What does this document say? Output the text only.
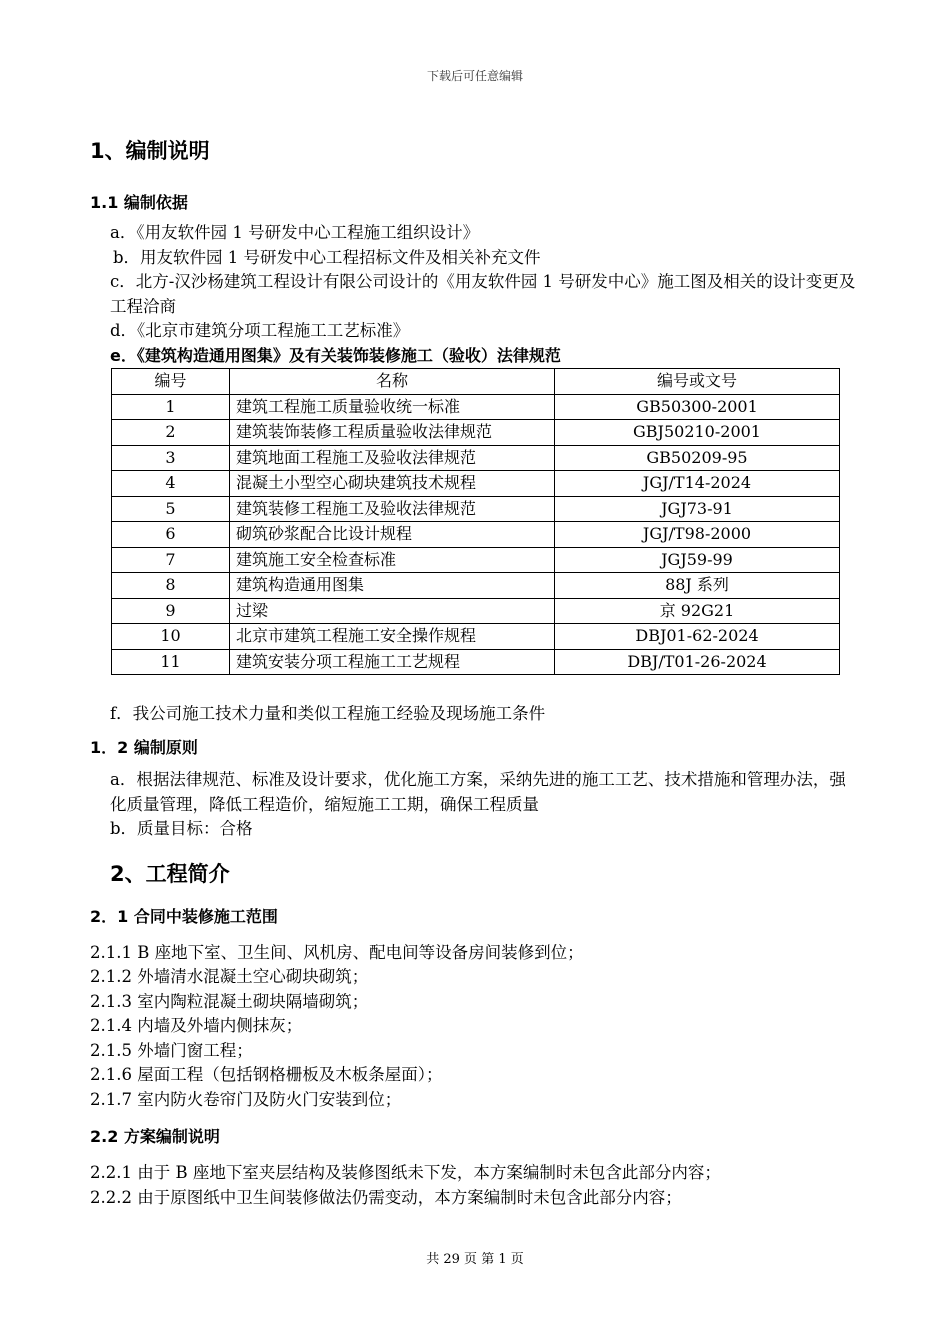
下载后可任意编辑
1、编制说明
1.1 编制依据

a．《用友软件园 1 号研发中心工程施工组织设计》

b．用友软件园 1 号研发中心工程招标文件及相关补充文件

c．北方-汉沙杨建筑工程设计有限公司设计的《用友软件园 1 号研发中心》施工图及相关的设计变更及工程洽商

d．《北京市建筑分项工程施工工艺标准》

e．《建筑构造通用图集》及有关装饰装修施工（验收）法律规范

编号	名称	编号或文号
1	建筑工程施工质量验收统一标准	GB50300-2001
2	建筑装饰装修工程质量验收法律规范	GBJ50210-2001
3	建筑地面工程施工及验收法律规范	GB50209-95
4	混凝土小型空心砌块建筑技术规程	JGJ/T14-2024
5	建筑装修工程施工及验收法律规范	JGJ73-91
6	砌筑砂浆配合比设计规程	JGJ/T98-2000
7	建筑施工安全检查标准	JGJ59-99
8	建筑构造通用图集	88J 系列
9	过梁	京 92G21
10	北京市建筑工程施工安全操作规程	DBJ01-62-2024
11	建筑安装分项工程施工工艺规程	DBJ/T01-26-2024

f．我公司施工技术力量和类似工程施工经验及现场施工条件

1．2 编制原则

a．根据法律规范、标准及设计要求，优化施工方案，采纳先进的施工工艺、技术措施和管理办法，强化质量管理，降低工程造价，缩短施工工期，确保工程质量

b．质量目标：合格

2、工程简介
2．1 合同中装修施工范围

2.1.1 B 座地下室、卫生间、风机房、配电间等设备房间装修到位；

2.1.2 外墙清水混凝土空心砌块砌筑；

2.1.3 室内陶粒混凝土砌块隔墙砌筑；

2.1.4 内墙及外墙内侧抹灰；

2.1.5 外墙门窗工程；

2.1.6 屋面工程（包括钢格栅板及木板条屋面）；

2.1.7 室内防火卷帘门及防火门安装到位；

2.2 方案编制说明

2.2.1 由于 B 座地下室夹层结构及装修图纸未下发，本方案编制时未包含此部分内容；

2.2.2 由于原图纸中卫生间装修做法仍需变动，本方案编制时未包含此部分内容；

共 29 页 第 1 页
